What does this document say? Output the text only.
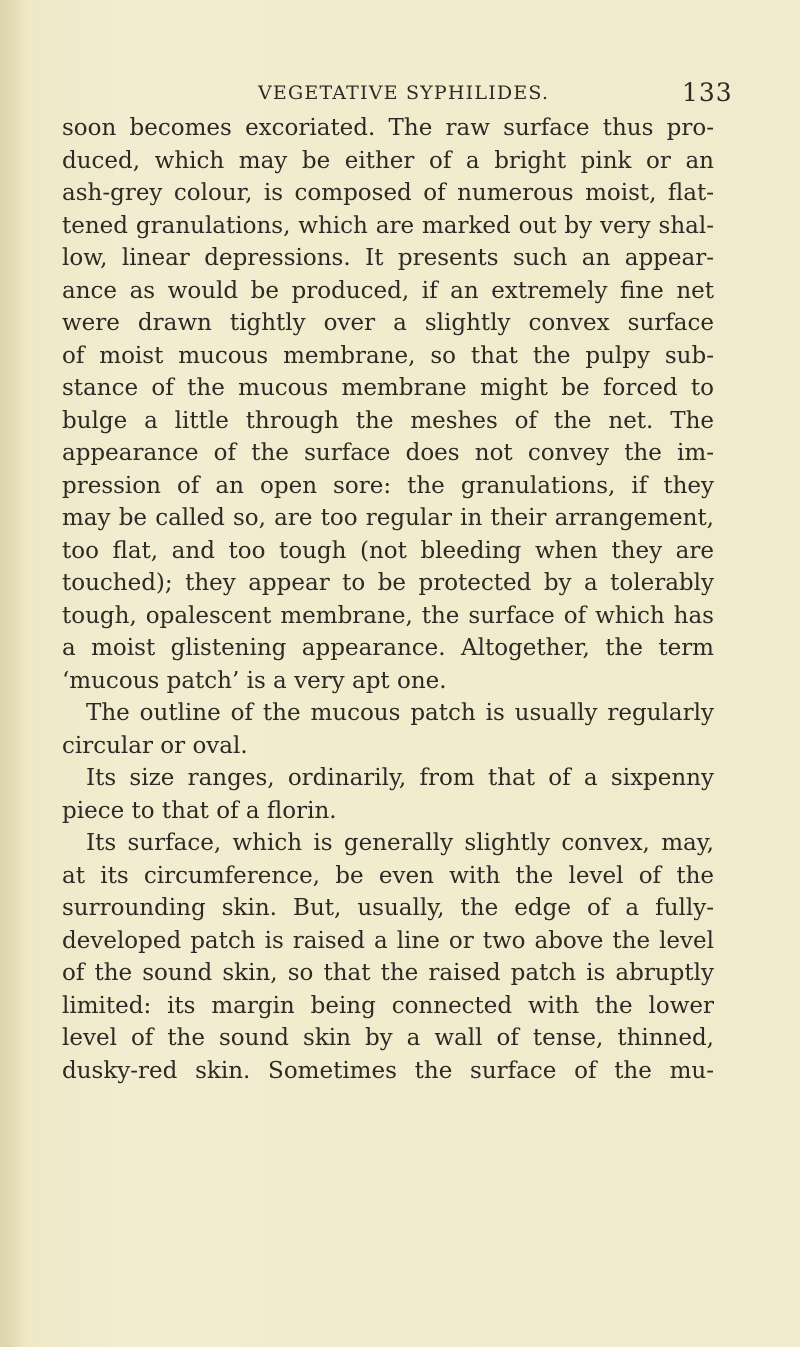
VEGETATIVE SYPHILIDES.	133
soon becomes excoriated. The raw surface thus pro-
duced, which may be either of a bright pink or an
ash-grey colour, is composed of numerous moist, flat-
tened granulations, which are marked out by very shal-
low, linear depressions. It presents such an appear-
ance as would be produced, if an extremely fine net
were drawn tightly over a slightly convex surface
of moist mucous membrane, so that the pulpy sub-
stance of the mucous membrane might be forced to
bulge a little through the meshes of the net. The
appearance of the surface does not convey the im-
pression of an open sore: the granulations, if they
may be called so, are too regular in their arrangement,
too flat, and too tough (not bleeding when they are
touched); they appear to be protected by a tolerably
tough, opalescent membrane, the surface of which has
a moist glistening appearance. Altogether, the term
‘mucous patch’ is a very apt one.
The outline of the mucous patch is usually regularly
circular or oval.
Its size ranges, ordinarily, from that of a sixpenny
piece to that of a florin.
Its surface, which is generally slightly convex, may,
at its circumference, be even with the level of the
surrounding skin. But, usually, the edge of a fully-
developed patch is raised a line or two above the level
of the sound skin, so that the raised patch is abruptly
limited: its margin being connected with the lower
level of the sound skin by a wall of tense, thinned,
dusky-red skin. Sometimes the surface of the mu-
